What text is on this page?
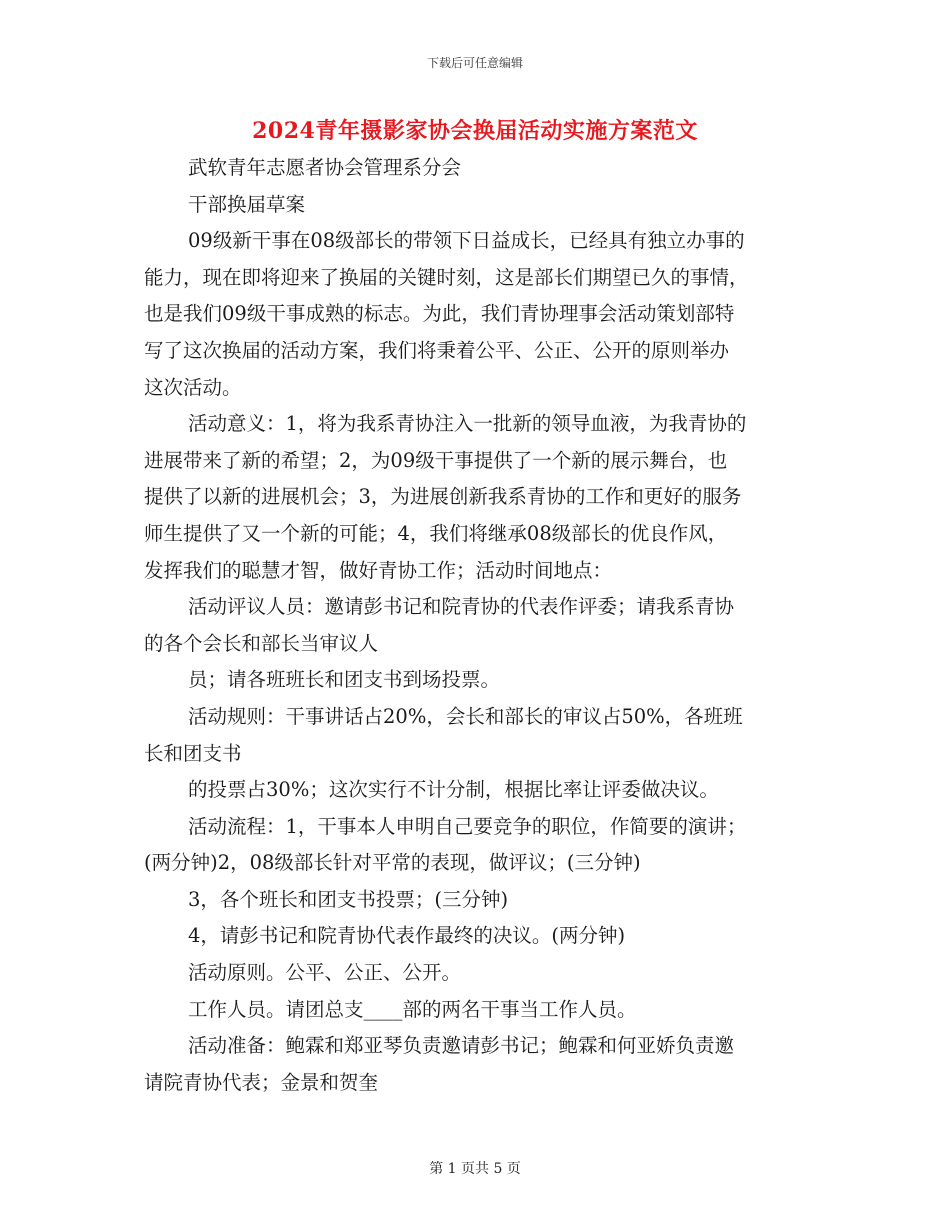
下载后可任意编辑
2024青年摄影家协会换届活动实施方案范文

武软青年志愿者协会管理系分会

干部换届草案

09级新干事在08级部长的带领下日益成长，已经具有独立办事的

能力，现在即将迎来了换届的关键时刻，这是部长们期望已久的事情，

也是我们09级干事成熟的标志。为此，我们青协理事会活动策划部特

写了这次换届的活动方案，我们将秉着公平、公正、公开的原则举办

这次活动。

活动意义：1，将为我系青协注入一批新的领导血液，为我青协的

进展带来了新的希望；2，为09级干事提供了一个新的展示舞台，也

提供了以新的进展机会；3，为进展创新我系青协的工作和更好的服务

师生提供了又一个新的可能；4，我们将继承08级部长的优良作风，

发挥我们的聪慧才智，做好青协工作；活动时间地点：

活动评议人员：邀请彭书记和院青协的代表作评委；请我系青协

的各个会长和部长当审议人

员；请各班班长和团支书到场投票。

活动规则：干事讲话占20%，会长和部长的审议占50%，各班班

长和团支书

的投票占30%；这次实行不计分制，根据比率让评委做决议。

活动流程：1，干事本人申明自己要竞争的职位，作简要的演讲；

(两分钟)2，08级部长针对平常的表现，做评议；(三分钟)

3，各个班长和团支书投票；(三分钟)

4，请彭书记和院青协代表作最终的决议。(两分钟)

活动原则。公平、公正、公开。

工作人员。请团总支____部的两名干事当工作人员。

活动准备：鲍霖和郑亚琴负责邀请彭书记；鲍霖和何亚娇负责邀

请院青协代表；金景和贺奎

第 1 页共 5 页
